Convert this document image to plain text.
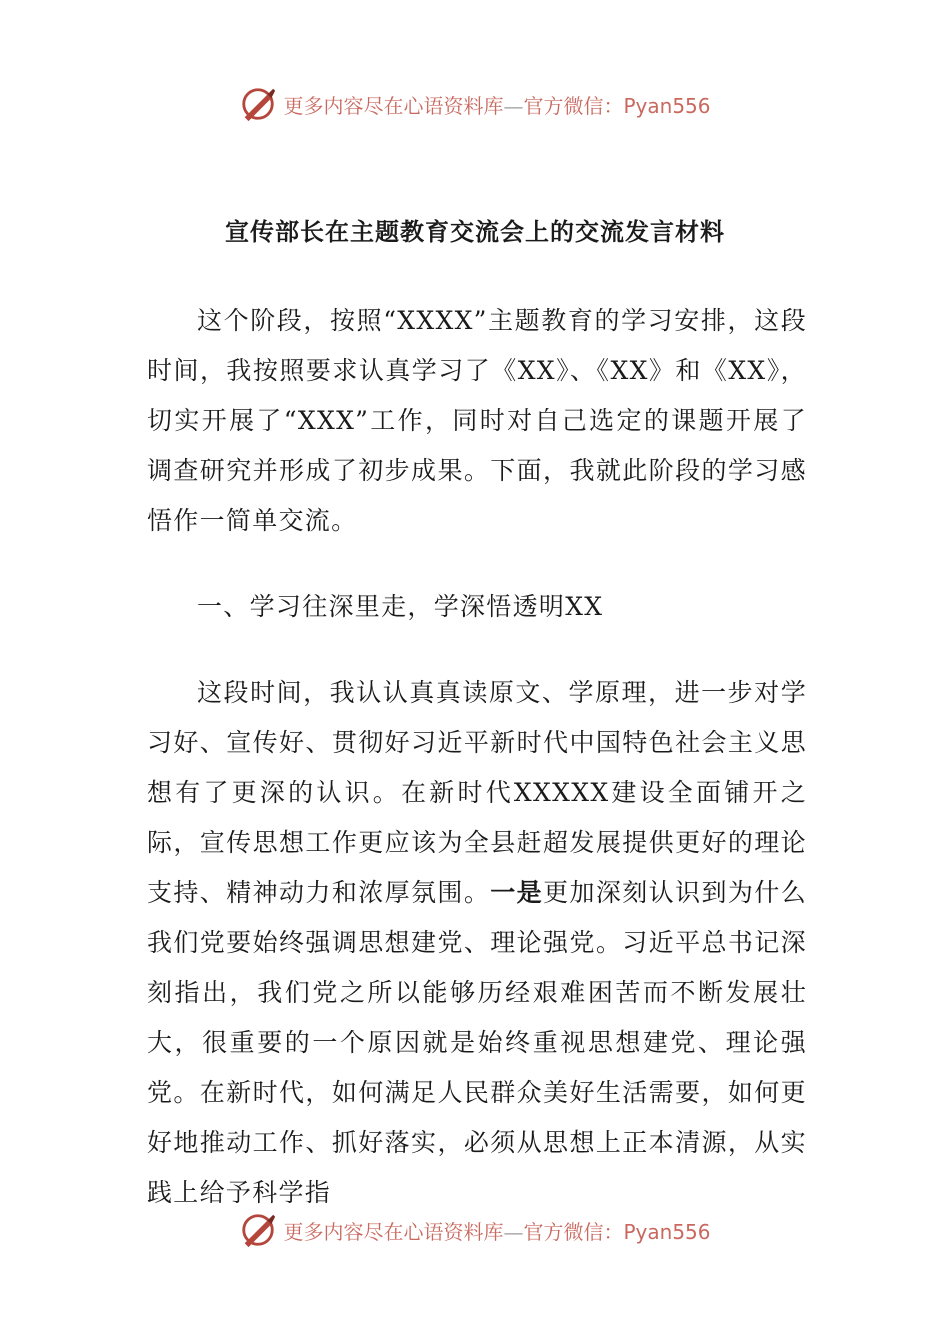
更多内容尽在心语资料库—官方微信：Pyan556
宣传部长在主题教育交流会上的交流发言材料

这个阶段，按照“XXXX”主题教育的学习安排，这段时间，我按照要求认真学习了《XX》、《XX》和《XX》，切实开展了“XXX”工作，同时对自己选定的课题开展了调查研究并形成了初步成果。下面，我就此阶段的学习感悟作一简单交流。

一、学习往深里走，学深悟透明XX

这段时间，我认认真真读原文、学原理，进一步对学习好、宣传好、贯彻好习近平新时代中国特色社会主义思想有了更深的认识。在新时代XXXXX建设全面铺开之际，宣传思想工作更应该为全县赶超发展提供更好的理论支持、精神动力和浓厚氛围。一是更加深刻认识到为什么我们党要始终强调思想建党、理论强党。习近平总书记深刻指出，我们党之所以能够历经艰难困苦而不断发展壮大，很重要的一个原因就是始终重视思想建党、理论强党。在新时代，如何满足人民群众美好生活需要，如何更好地推动工作、抓好落实，必须从思想上正本清源，从实践上给予科学指

更多内容尽在心语资料库—官方微信：Pyan556
